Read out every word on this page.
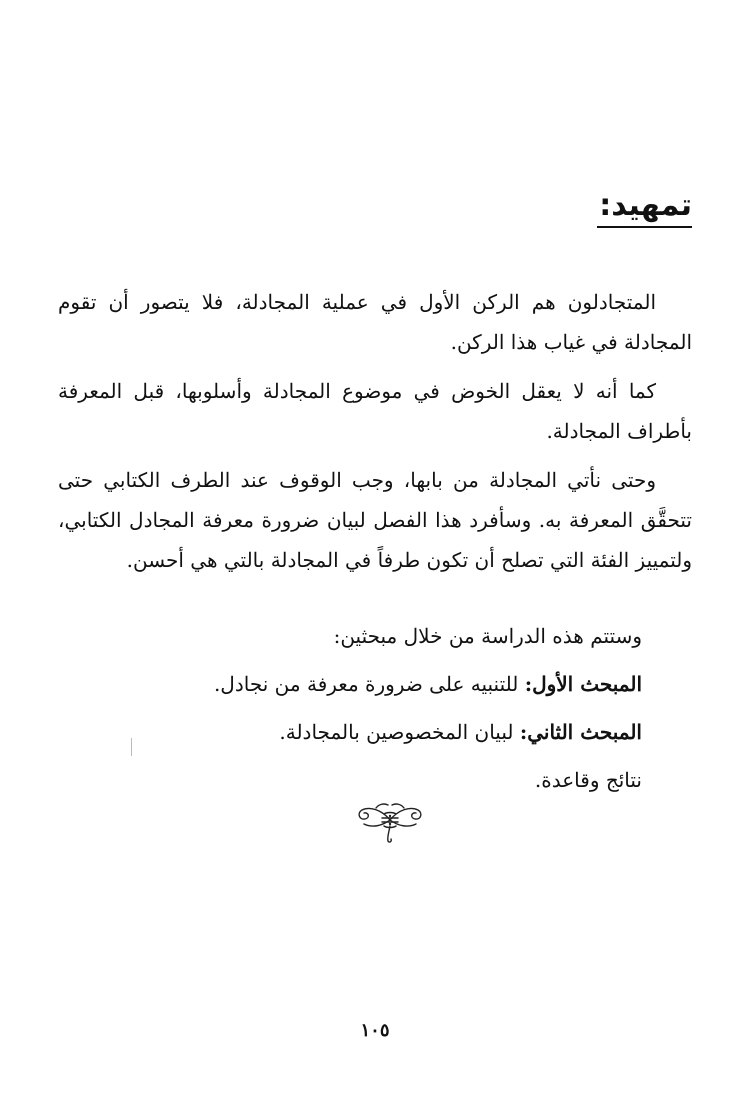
تمهيد:

المتجادلون هم الركن الأول في عملية المجادلة، فلا يتصور أن تقوم المجادلة في غياب هذا الركن.

كما أنه لا يعقل الخوض في موضوع المجادلة وأسلوبها، قبل المعرفة بأطراف المجادلة.

وحتى نأتي المجادلة من بابها، وجب الوقوف عند الطرف الكتابي حتى تتحقَّق المعرفة به. وسأفرد هذا الفصل لبيان ضرورة معرفة المجادل الكتابي، ولتمييز الفئة التي تصلح أن تكون طرفاً في المجادلة بالتي هي أحسن.

وستتم هذه الدراسة من خلال مبحثين:
المبحث الأول: للتنبيه على ضرورة معرفة من نجادل.
المبحث الثاني: لبيان المخصوصين بالمجادلة.
نتائج وقاعدة.
١٠٥
